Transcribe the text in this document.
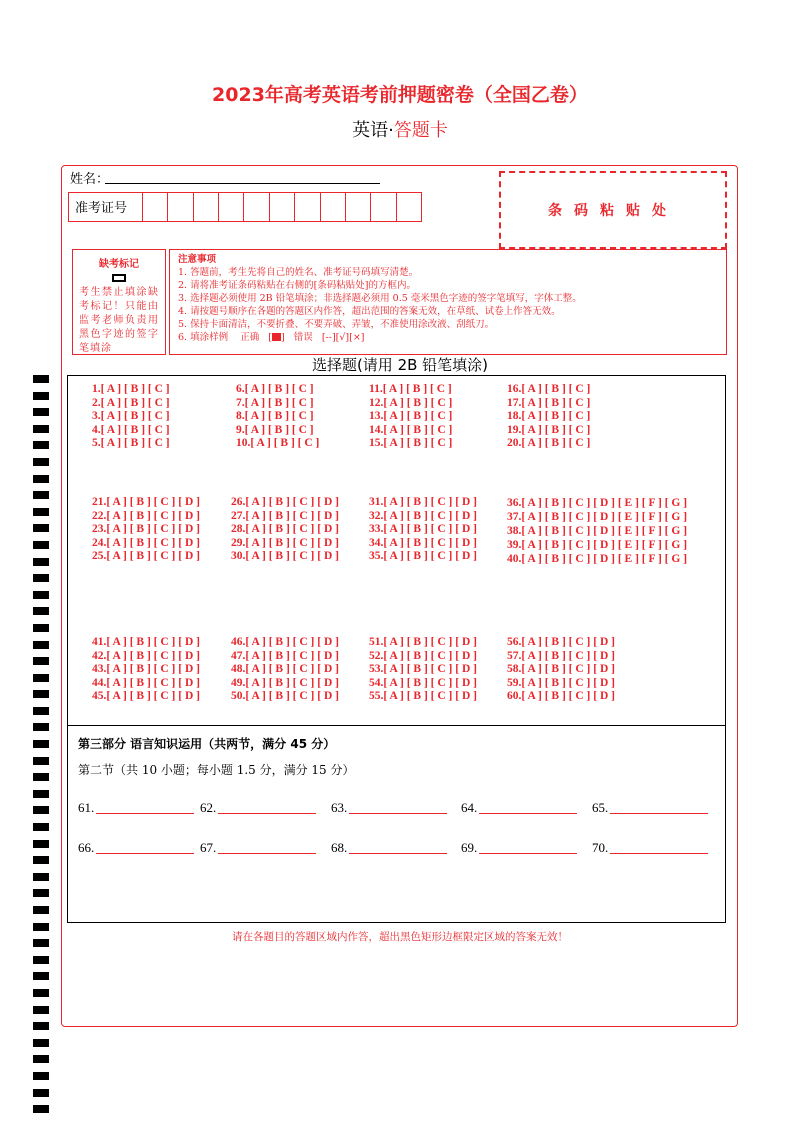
2023年高考英语考前押题密卷（全国乙卷）
英语·答题卡
姓名：
准考证号	条码粘贴处
缺考标记
考生禁止填涂缺考标记！只能由监考老师负责用黑色字迹的签字笔填涂
注意事项
1. 答题前，考生先将自己的姓名、准考证号码填写清楚。
2. 请将准考证条码粘贴在右侧的[条码粘贴处]的方框内。
3. 选择题必须使用 2B 铅笔填涂；非选择题必须用 0.5 毫米黑色字迹的签字笔填写，字体工整。
4. 请按题号顺序在各题的答题区内作答，超出范围的答案无效，在草纸、试卷上作答无效。
5. 保持卡面清洁，不要折叠、不要弄破、弄皱，不准使用涂改液、刮纸刀。
6. 填涂样例 正确   [ ]   错误 [--][√][×]
选择题(请用 2B 铅笔填涂)
1.[ A ] [ B ] [ C ]
2.[ A ] [ B ] [ C ]
3.[ A ] [ B ] [ C ]
4.[ A ] [ B ] [ C ]
5.[ A ] [ B ] [ C ]
6.[ A ] [ B ] [ C ]
7.[ A ] [ B ] [ C ]
8.[ A ] [ B ] [ C ]
9.[ A ] [ B ] [ C ]
10.[ A ] [ B ] [ C ]
11.[ A ] [ B ] [ C ]
12.[ A ] [ B ] [ C ]
13.[ A ] [ B ] [ C ]
14.[ A ] [ B ] [ C ]
15.[ A ] [ B ] [ C ]
16.[ A ] [ B ] [ C ]
17.[ A ] [ B ] [ C ]
18.[ A ] [ B ] [ C ]
19.[ A ] [ B ] [ C ]
20.[ A ] [ B ] [ C ]
21.[ A ] [ B ] [ C ] [ D ]
22.[ A ] [ B ] [ C ] [ D ]
23.[ A ] [ B ] [ C ] [ D ]
24.[ A ] [ B ] [ C ] [ D ]
25.[ A ] [ B ] [ C ] [ D ]
26.[ A ] [ B ] [ C ] [ D ]
27.[ A ] [ B ] [ C ] [ D ]
28.[ A ] [ B ] [ C ] [ D ]
29.[ A ] [ B ] [ C ] [ D ]
30.[ A ] [ B ] [ C ] [ D ]
31.[ A ] [ B ] [ C ] [ D ]
32.[ A ] [ B ] [ C ] [ D ]
33.[ A ] [ B ] [ C ] [ D ]
34.[ A ] [ B ] [ C ] [ D ]
35.[ A ] [ B ] [ C ] [ D ]
36.[ A ] [ B ] [ C ] [ D ] [ E ] [ F ] [ G ]
37.[ A ] [ B ] [ C ] [ D ] [ E ] [ F ] [ G ]
38.[ A ] [ B ] [ C ] [ D ] [ E ] [ F ] [ G ]
39.[ A ] [ B ] [ C ] [ D ] [ E ] [ F ] [ G ]
40.[ A ] [ B ] [ C ] [ D ] [ E ] [ F ] [ G ]
41.[ A ] [ B ] [ C ] [ D ]
42.[ A ] [ B ] [ C ] [ D ]
43.[ A ] [ B ] [ C ] [ D ]
44.[ A ] [ B ] [ C ] [ D ]
45.[ A ] [ B ] [ C ] [ D ]
46.[ A ] [ B ] [ C ] [ D ]
47.[ A ] [ B ] [ C ] [ D ]
48.[ A ] [ B ] [ C ] [ D ]
49.[ A ] [ B ] [ C ] [ D ]
50.[ A ] [ B ] [ C ] [ D ]
51.[ A ] [ B ] [ C ] [ D ]
52.[ A ] [ B ] [ C ] [ D ]
53.[ A ] [ B ] [ C ] [ D ]
54.[ A ] [ B ] [ C ] [ D ]
55.[ A ] [ B ] [ C ] [ D ]
56.[ A ] [ B ] [ C ] [ D ]
57.[ A ] [ B ] [ C ] [ D ]
58.[ A ] [ B ] [ C ] [ D ]
59.[ A ] [ B ] [ C ] [ D ]
60.[ A ] [ B ] [ C ] [ D ]
第三部分 语言知识运用（共两节，满分 45 分）
第二节（共 10 小题；每小题 1.5 分，满分 15 分）
61.	62.	63.	64.	65.
66.	67.	68.	69.	70.
请在各题目的答题区域内作答，超出黑色矩形边框限定区域的答案无效！
